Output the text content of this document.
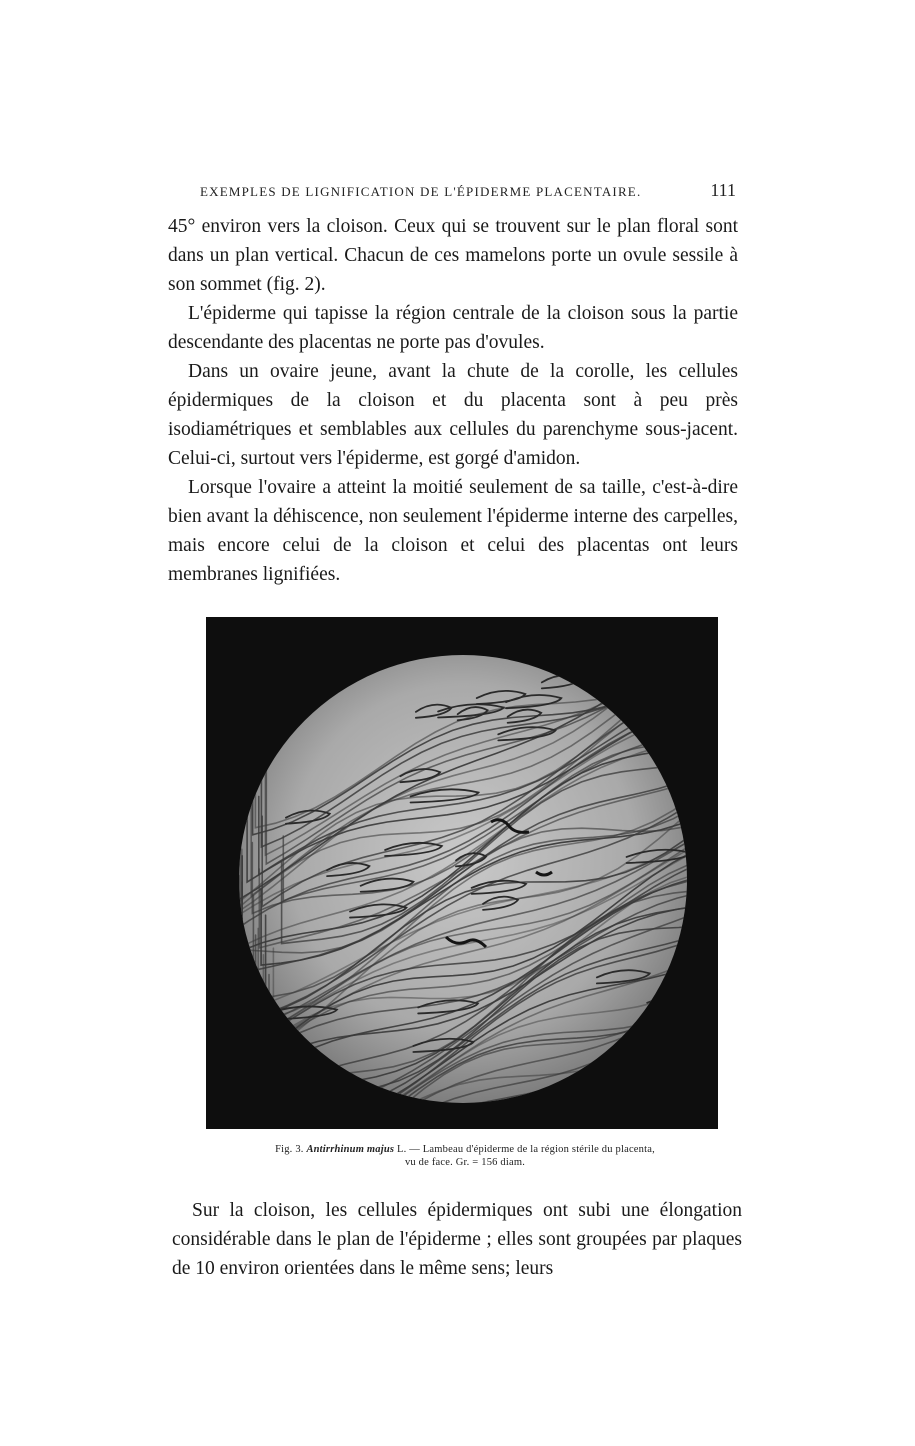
EXEMPLES DE LIGNIFICATION DE L'ÉPIDERME PLACENTAIRE.	111

45° environ vers la cloison. Ceux qui se trouvent sur le plan floral sont dans un plan vertical. Chacun de ces mamelons porte un ovule sessile à son sommet (fig. 2).

L'épiderme qui tapisse la région centrale de la cloison sous la partie descendante des placentas ne porte pas d'ovules.

Dans un ovaire jeune, avant la chute de la corolle, les cellules épidermiques de la cloison et du placenta sont à peu près isodiamétriques et semblables aux cellules du parenchyme sous-jacent. Celui-ci, surtout vers l'épiderme, est gorgé d'amidon.

Lorsque l'ovaire a atteint la moitié seulement de sa taille, c'est-à-dire bien avant la déhiscence, non seulement l'épiderme interne des carpelles, mais encore celui de la cloison et celui des placentas ont leurs membranes lignifiées.

Fig. 3. Antirrhinum majus L. — Lambeau d'épiderme de la région stérile du placenta,
vu de face. Gr. = 156 diam.

Sur la cloison, les cellules épidermiques ont subi une élongation considérable dans le plan de l'épiderme ; elles sont groupées par plaques de 10 environ orientées dans le même sens; leurs
